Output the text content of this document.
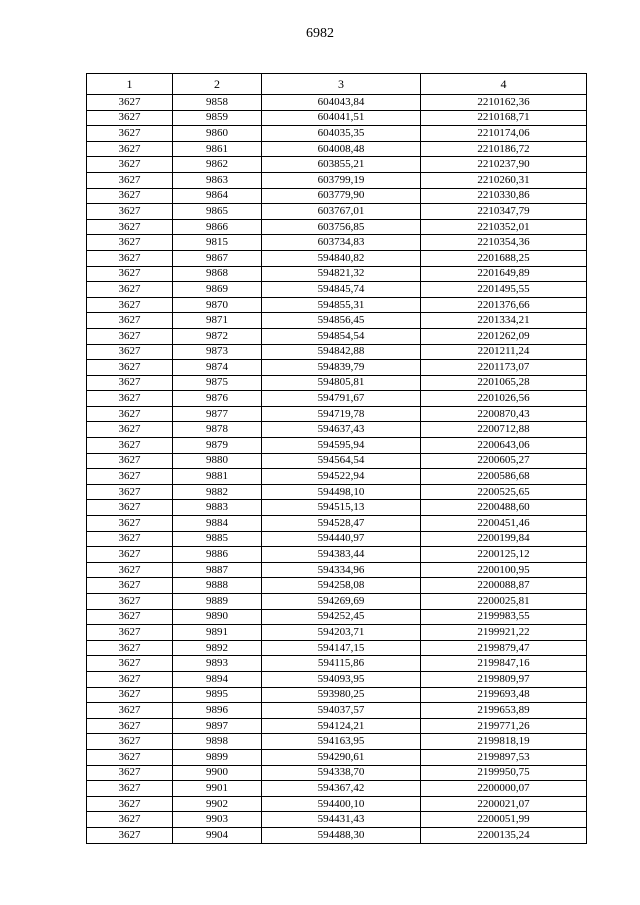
6982
1	2	3	4
3627	9858	604043,84	2210162,36
3627	9859	604041,51	2210168,71
3627	9860	604035,35	2210174,06
3627	9861	604008,48	2210186,72
3627	9862	603855,21	2210237,90
3627	9863	603799,19	2210260,31
3627	9864	603779,90	2210330,86
3627	9865	603767,01	2210347,79
3627	9866	603756,85	2210352,01
3627	9815	603734,83	2210354,36
3627	9867	594840,82	2201688,25
3627	9868	594821,32	2201649,89
3627	9869	594845,74	2201495,55
3627	9870	594855,31	2201376,66
3627	9871	594856,45	2201334,21
3627	9872	594854,54	2201262,09
3627	9873	594842,88	2201211,24
3627	9874	594839,79	2201173,07
3627	9875	594805,81	2201065,28
3627	9876	594791,67	2201026,56
3627	9877	594719,78	2200870,43
3627	9878	594637,43	2200712,88
3627	9879	594595,94	2200643,06
3627	9880	594564,54	2200605,27
3627	9881	594522,94	2200586,68
3627	9882	594498,10	2200525,65
3627	9883	594515,13	2200488,60
3627	9884	594528,47	2200451,46
3627	9885	594440,97	2200199,84
3627	9886	594383,44	2200125,12
3627	9887	594334,96	2200100,95
3627	9888	594258,08	2200088,87
3627	9889	594269,69	2200025,81
3627	9890	594252,45	2199983,55
3627	9891	594203,71	2199921,22
3627	9892	594147,15	2199879,47
3627	9893	594115,86	2199847,16
3627	9894	594093,95	2199809,97
3627	9895	593980,25	2199693,48
3627	9896	594037,57	2199653,89
3627	9897	594124,21	2199771,26
3627	9898	594163,95	2199818,19
3627	9899	594290,61	2199897,53
3627	9900	594338,70	2199950,75
3627	9901	594367,42	2200000,07
3627	9902	594400,10	2200021,07
3627	9903	594431,43	2200051,99
3627	9904	594488,30	2200135,24
